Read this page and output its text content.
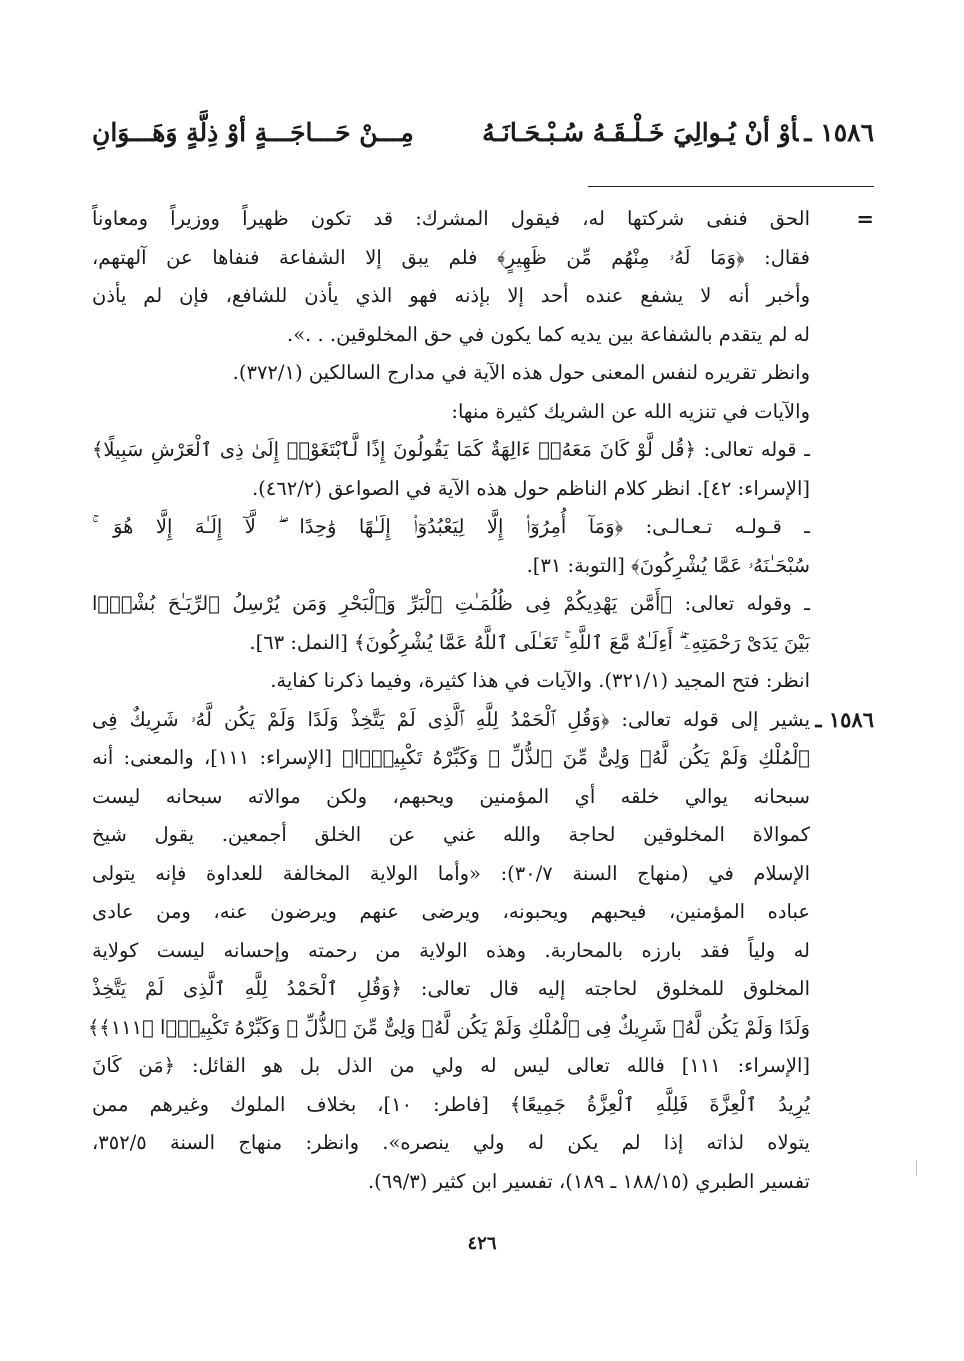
١٥٨٦ ـأوْ أنْ يُـوالِيَ خَـلْـقَـهُ سُـبْـحَـانَـهُ
مِـــنْ حَـــاجَـــةٍ أوْ ذِلَّةٍ وَهَـــوَانِ
=
الحق فنفى شركتها له، فيقول المشرك: قد تكون ظهيراً ووزيراً ومعاوناً
فقال: ﴿وَمَا لَهُۥ مِنْهُم مِّن ظَهِيرٍ﴾ فلم يبق إلا الشفاعة فنفاها عن آلهتهم،
وأخبر أنه لا يشفع عنده أحد إلا بإذنه فهو الذي يأذن للشافع، فإن لم يأذن
له لم يتقدم بالشفاعة بين يديه كما يكون في حق المخلوقين. . .».
وانظر تقريره لنفس المعنى حول هذه الآية في مدارج السالكين (٣٧٢/١).
والآيات في تنزيه الله عن الشريك كثيرة منها:
ـ قوله تعالى: ﴿قُل لَّوْ كَانَ مَعَهُۥٓ ءَالِهَةٌ كَمَا يَقُولُونَ إِذًا لَّٱبْتَغَوْا۟ إِلَىٰ ذِى ٱلْعَرْشِ سَبِيلًا﴾
[الإسراء: ٤٢]. انظر كلام الناظم حول هذه الآية في الصواعق (٤٦٢/٢).
ـ قـولـه تـعـالـى: ﴿وَمَآ أُمِرُوٓا۟ إِلَّا لِيَعْبُدُوٓا۟ إِلَـٰهًا وَٰحِدًا ۖ لَّآ إِلَـٰهَ إِلَّا هُوَ ۚ
سُبْحَـٰنَهُۥ عَمَّا يُشْرِكُونَ﴾ [التوبة: ٣١].
ـ وقوله تعالى: ﴿أَمَّن يَهْدِيكُمْ فِى ظُلُمَـٰتِ ٱلْبَرِّ وَٱلْبَحْرِ وَمَن يُرْسِلُ ٱلرِّيَـٰحَ بُشْرًۢا
بَيْنَ يَدَىْ رَحْمَتِهِۦٓ ۗ أَءِلَـٰهٌ مَّعَ ٱللَّهِ ۚ تَعَـٰلَى ٱللَّهُ عَمَّا يُشْرِكُونَ﴾ [النمل: ٦٣].
انظر: فتح المجيد (٣٢١/١). والآيات في هذا كثيرة، وفيما ذكرنا كفاية.
١٥٨٦ ـ
يشير إلى قوله تعالى: ﴿وَقُلِ ٱلْحَمْدُ لِلَّهِ ٱلَّذِى لَمْ يَتَّخِذْ وَلَدًا وَلَمْ يَكُن لَّهُۥ شَرِيكٌ فِى
ٱلْمُلْكِ وَلَمْ يَكُن لَّهُۥ وَلِىٌّ مِّنَ ٱلذُّلِّ ۖ وَكَبِّرْهُ تَكْبِيرًۢا﴾ [الإسراء: ١١١]، والمعنى: أنه
سبحانه يوالي خلقه أي المؤمنين ويحبهم، ولكن موالاته سبحانه ليست
كموالاة المخلوقين لحاجة والله غني عن الخلق أجمعين. يقول شيخ
الإسلام في (منهاج السنة ٣٠/٧): «وأما الولاية المخالفة للعداوة فإنه يتولى
عباده المؤمنين، فيحبهم ويحبونه، ويرضى عنهم ويرضون عنه، ومن عادى
له ولياً فقد بارزه بالمحاربة. وهذه الولاية من رحمته وإحسانه ليست كولاية
المخلوق للمخلوق لحاجته إليه قال تعالى: ﴿وَقُلِ ٱلْحَمْدُ لِلَّهِ ٱلَّذِى لَمْ يَتَّخِذْ
وَلَدًا وَلَمْ يَكُن لَّهُۥ شَرِيكٌ فِى ٱلْمُلْكِ وَلَمْ يَكُن لَّهُۥ وَلِىٌّ مِّنَ ٱلذُّلِّ ۖ وَكَبِّرْهُ تَكْبِيرًۢا ﴿١١١﴾﴾
[الإسراء: ١١١] فالله تعالى ليس له ولي من الذل بل هو القائل: ﴿مَن كَانَ
يُرِيدُ ٱلْعِزَّةَ فَلِلَّهِ ٱلْعِزَّةُ جَمِيعًا﴾ [فاطر: ١٠]، بخلاف الملوك وغيرهم ممن
يتولاه لذاته إذا لم يكن له ولي ينصره». وانظر: منهاج السنة ٣٥٢/٥،
تفسير الطبري (١٨٨/١٥ ـ ١٨٩)، تفسير ابن كثير (٦٩/٣).
٤٢٦
